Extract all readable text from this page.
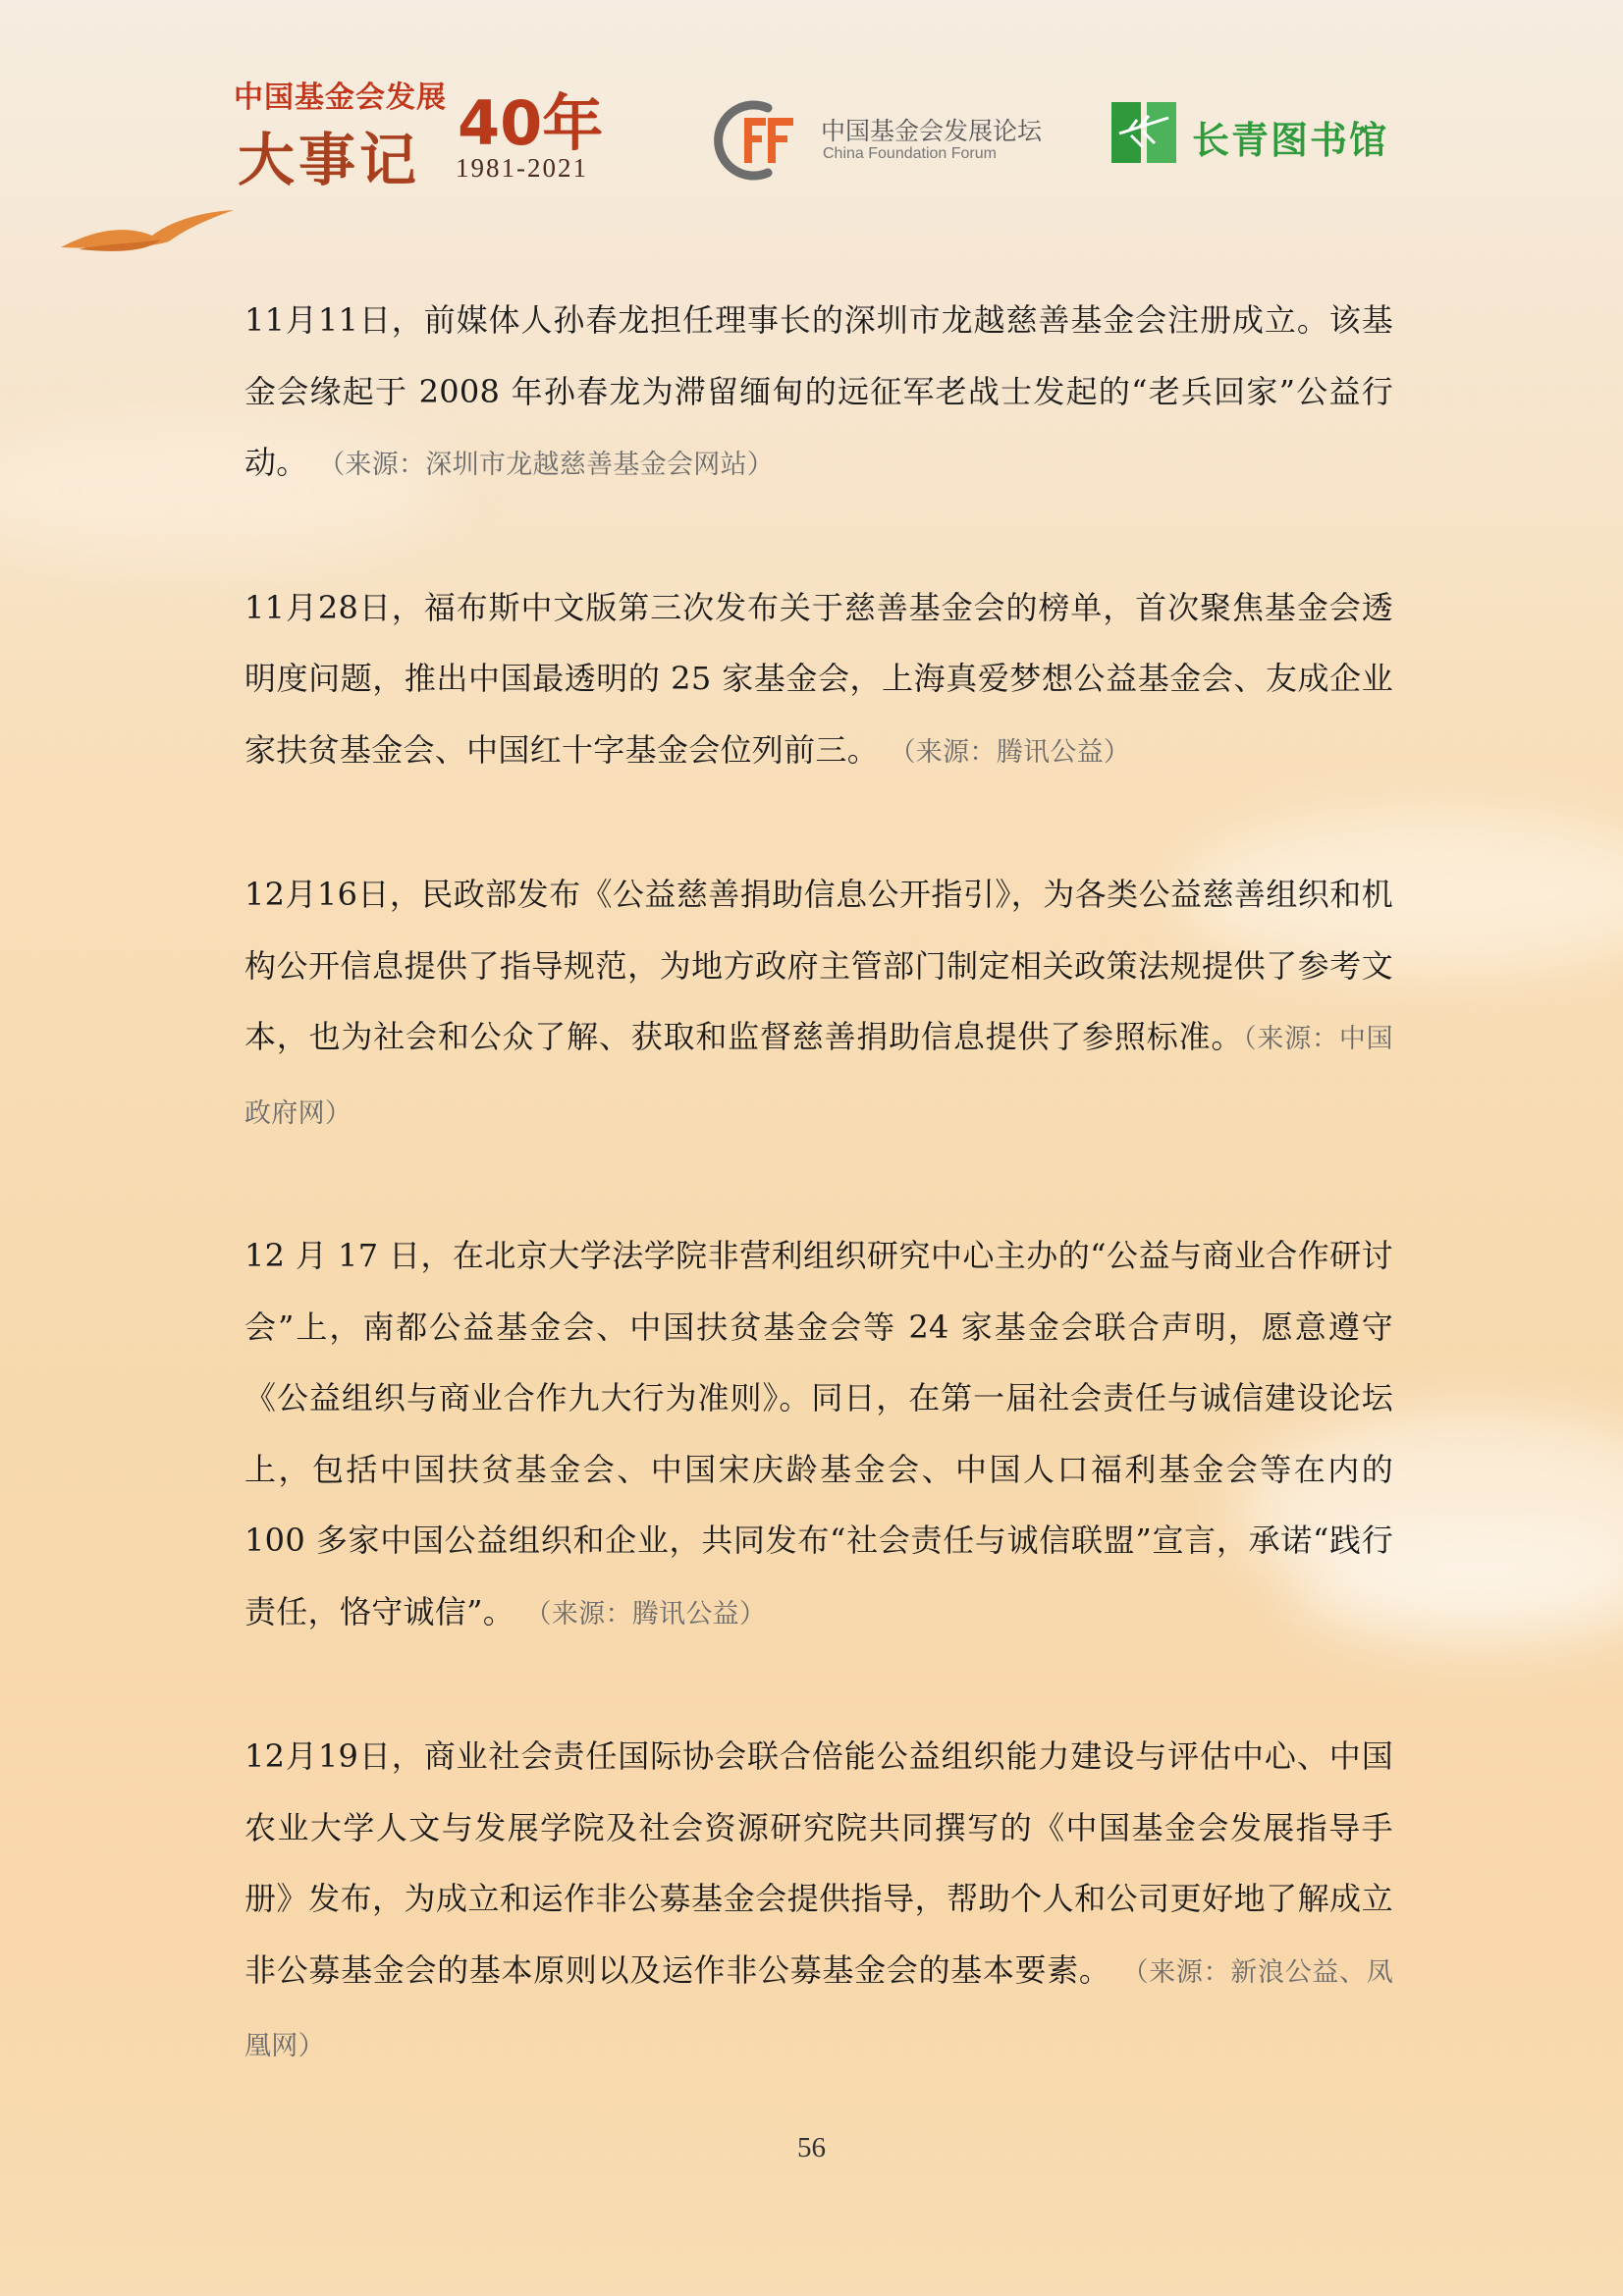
中国基金会发展
大事记
40年
1981-2021
中国基金会发展论坛
China Foundation Forum	长青图书馆

11月11日，前媒体人孙春龙担任理事长的深圳市龙越慈善基金会注册成立。该基金会缘起于 2008 年孙春龙为滞留缅甸的远征军老战士发起的“老兵回家”公益行动。 （来源：深圳市龙越慈善基金会网站）

11月28日，福布斯中文版第三次发布关于慈善基金会的榜单，首次聚焦基金会透明度问题，推出中国最透明的 25 家基金会，上海真爱梦想公益基金会、友成企业家扶贫基金会、中国红十字基金会位列前三。 （来源：腾讯公益）

12月16日，民政部发布《公益慈善捐助信息公开指引》，为各类公益慈善组织和机构公开信息提供了指导规范，为地方政府主管部门制定相关政策法规提供了参考文本，也为社会和公众了解、获取和监督慈善捐助信息提供了参照标准。（来源：中国政府网）

12 月 17 日，在北京大学法学院非营利组织研究中心主办的“公益与商业合作研讨会”上，南都公益基金会、中国扶贫基金会等 24 家基金会联合声明，愿意遵守《公益组织与商业合作九大行为准则》。同日，在第一届社会责任与诚信建设论坛上，包括中国扶贫基金会、中国宋庆龄基金会、中国人口福利基金会等在内的 100 多家中国公益组织和企业，共同发布“社会责任与诚信联盟”宣言，承诺“践行责任，恪守诚信”。 （来源：腾讯公益）

12月19日，商业社会责任国际协会联合倍能公益组织能力建设与评估中心、中国农业大学人文与发展学院及社会资源研究院共同撰写的《中国基金会发展指导手册》发布，为成立和运作非公募基金会提供指导，帮助个人和公司更好地了解成立非公募基金会的基本原则以及运作非公募基金会的基本要素。 （来源：新浪公益、凤凰网）

56
